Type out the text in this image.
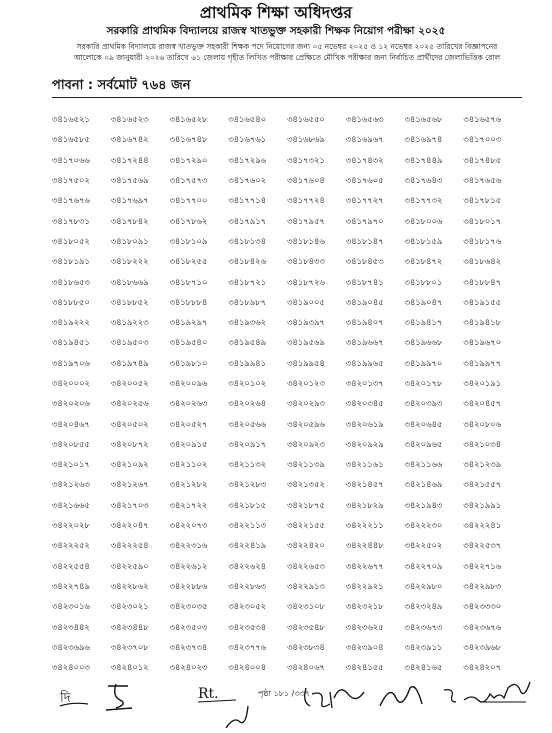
প্রাথমিক শিক্ষা অধিদপ্তর
সরকারি প্রাথমিক বিদ্যালয়ে রাজস্ব খাতভুক্ত সহকারী শিক্ষক নিয়োগ পরীক্ষা ২০২৫
সরকারি প্রাথমিক বিদ্যালয়ে রাজস্ব খাতভুক্ত সহকারী শিক্ষক পদে নিয়োগের জন্য ০৫ নভেম্বর ২০২৫ ও ১২ নভেম্বর ২০২৫ তারিখের বিজ্ঞাপনের
আলোকে ০৯ জানুয়ারী ২০২৬ তারিখে ৬১ জেলায় গৃহীত লিখিত পরীক্ষার প্রেক্ষিতে মৌখিক পরীক্ষার জন্য নির্বাচিত প্রার্থীদের জেলাভিত্তিক রোল
পাবনা : সর্বমোট ৭৬৪ জন
৩৪১৬৫২১	৩৪১৬৫২৩	৩৪১৬৫২৮	৩৪১৬৫৪০	৩৪১৬৫৫০	৩৪১৬৫৬৩	৩৪১৬৫৬৮	৩৪১৬৫৭৬
৩৪১৬৫৮৫	৩৪১৬৭৪২	৩৪১৬৭৪৮	৩৪১৬৭৬১	৩৪১৬৮৬৯	৩৪১৬৯৬৭	৩৪১৬৯৭৪	৩৪১৭০০৩
৩৪১৭০৬৬	৩৪১৭২৪৪	৩৪১৭২৯০	৩৪১৭২৯৬	৩৪১৭৩২১	৩৪১৭৪৩২	৩৪১৭৪৪৯	৩৪১৭৪৮৫
৩৪১৭৫০২	৩৪১৭৫৬৯	৩৪১৭৫৭৩	৩৪১৭৬০২	৩৪১৭৬০৪	৩৪১৭৬০৫	৩৪১৭৬৪৩	৩৪১৭৬৫৬
৩৪১৭৬৭৬	৩৪১৭৬৯৭	৩৪১৭৭০০	৩৪১৭৭১৪	৩৪১৭৭২৪	৩৪১৭৭২৭	৩৪১৭৭৩২	৩৪১৭৮১৫
৩৪১৭৮৩১	৩৪১৭৮৪২	৩৪১৭৮৬২	৩৪১৭৯১৭	৩৪১৭৯৫৭	৩৪১৭৯৭০	৩৪১৮০০৬	৩৪১৮০১৭
৩৪১৮০৫২	৩৪১৮০৯১	৩৪১৮১০৯	৩৪১৮১৩৪	৩৪১৮১৪৬	৩৪১৮১৪৭	৩৪১৮১৫৯	৩৪১৮১৭৬
৩৪১৮১৯১	৩৪১৮২২২	৩৪১৮২৫৫	৩৪১৮৪২৬	৩৪১৮৪৩৩	৩৪১৮৪৫৩	৩৪১৮৪৭২	৩৪১৮৬৪২
৩৪১৮৬৫৩	৩৪১৮৬৬৯	৩৪১৮৭১০	৩৪১৮৭২১	৩৪১৮৭২৬	৩৪১৮৭৪১	৩৪১৮৮০১	৩৪১৮৮৪৭
৩৪১৮৮৫০	৩৪১৮৮৫২	৩৪১৮৮৮৪	৩৪১৮৯৮৭	৩৪১৯০০৫	৩৪১৯০৪৫	৩৪১৯০৪৭	৩৪১৯১৫৫
৩৪১৯২২২	৩৪১৯২২৩	৩৪১৯২৯৭	৩৪১৯৩৬২	৩৪১৯৩৯৭	৩৪১৯৪০৭	৩৪১৯৪১৭	৩৪১৯৪১৮
৩৪১৯৪৫১	৩৪১৯৫০৩	৩৪১৯৫৪০	৩৪১৯৫৪৯	৩৪১৯৫৬৯	৩৪১৯৬৬৭	৩৪১৯৬৬৮	৩৪১৯৬৭০
৩৪১৯৭০৬	৩৪১৯৭৪৯	৩৪১৯৮১০	৩৪১৯৯৪১	৩৪১৯৯৫৪	৩৪১৯৯৬৫	৩৪১৯৯৭০	৩৪১৯৯৭৭
৩৪২০০০২	৩৪২০০৫২	৩৪২০০৯৬	৩৪২০১০২	৩৪২০১২৩	৩৪২০১৩৭	৩৪২০১৭৮	৩৪২০১৯১
৩৪২০২০৬	৩৪২০২৫৬	৩৪২০২৬৩	৩৪২০২৬৪	৩৪২০২৯৩	৩৪২০৩৪৫	৩৪২০৩৯৩	৩৪২০৪৫৭
৩৪২০৪৬৭	৩৪২০৫০২	৩৪২০৫২৭	৩৪২০৫৬৬	৩৪২০৫৯৬	৩৪২০৬১৯	৩৪২০৬৪৫	৩৪২০৮০৬
৩৪২০৮৫৫	৩৪২০৮৭২	৩৪২০৯১৫	৩৪২০৯১৭	৩৪২০৯২৩	৩৪২০৯২৯	৩৪২০৯৬৫	৩৪২১০৩৪
৩৪২১০১৭	৩৪২১০৯২	৩৪২১১০২	৩৪২১১৩২	৩৪২১১৩৯	৩৪২১১৬১	৩৪২১১৬৬	৩৪২১২৩৯
৩৪২১২৬৩	৩৪২১২৬৭	৩৪২১২৮২	৩৪২১২৮৩	৩৪২১৩৫২	৩৪২১৪৫৭	৩৪২১৪৬৯	৩৪২১৫৫৭
৩৪২১৬৬৫	৩৪২১৭০৩	৩৪২১৭২২	৩৪২১৮১৫	৩৪২১৮৭৫	৩৪২১৮২৯	৩৪২১৯৪৩	৩৪২১৯৯১
৩৪২২০২৮	৩৪২২০৪৭	৩৪২২০৭৩	৩৪২২১১৩	৩৪২২১৫৫	৩৪২২২১১	৩৪২২২৩০	৩৪২২২৪১
৩৪২২২৫২	৩৪২২২৫৪	৩৪২২৩১৬	৩৪২২৪১৯	৩৪২২৪২০	৩৪২২৪৪৮	৩৪২২৫০২	৩৪২২৫৩৭
৩৪২২৫৫৪	৩৪২২৫৯০	৩৪২২৬১২	৩৪২২৬২৪	৩৪২২৬৫৩	৩৪২২৬৭৭	৩৪২২৭০৯	৩৪২২৭১৬
৩৪২২৭৪৯	৩৪২২৮৬২	৩৪২২৮৮৬	৩৪২২৮৬৩	৩৪২২৯১৩	৩৪২২৯২১	৩৪২২৯৮০	৩৪২২৯৮৩
৩৪২৩০১৬	৩৪২৩০২১	৩৪২৩০৩৫	৩৪২৩০৫২	৩৪২৩১০৮	৩৪২৩২১৮	৩৪২৩২৪৯	৩৪২৩৩৩০
৩৪২৩৪৪২	৩৪২৩৪৪৮	৩৪২৩৫০৩	৩৪২৩৫৩৪	৩৪২৩৫৪৮	৩৪২৩৬২৫	৩৪২৩৬৭৩	৩৪২৩৬৭৬
৩৪২৩৬৯৬	৩৪২৩৭০৮	৩৪২৩৭৩৪	৩৪২৩৭৭৬	৩৪২৩৮৩৪	৩৪২৩৯০৪	৩৪২৩৯১১	৩৪২৩৯৬৮
৩৪২৪০০৩	৩৪২৪০১২	৩৪২৪০২৩	৩৪২৪০০৪	৩৪২৪০৬৭	৩৪২৪১৫৫	৩৪২৪১৬৫	৩৪২৪২০৭
দি	Rt.	পৃষ্ঠা ১৮১ /৩৩৭
